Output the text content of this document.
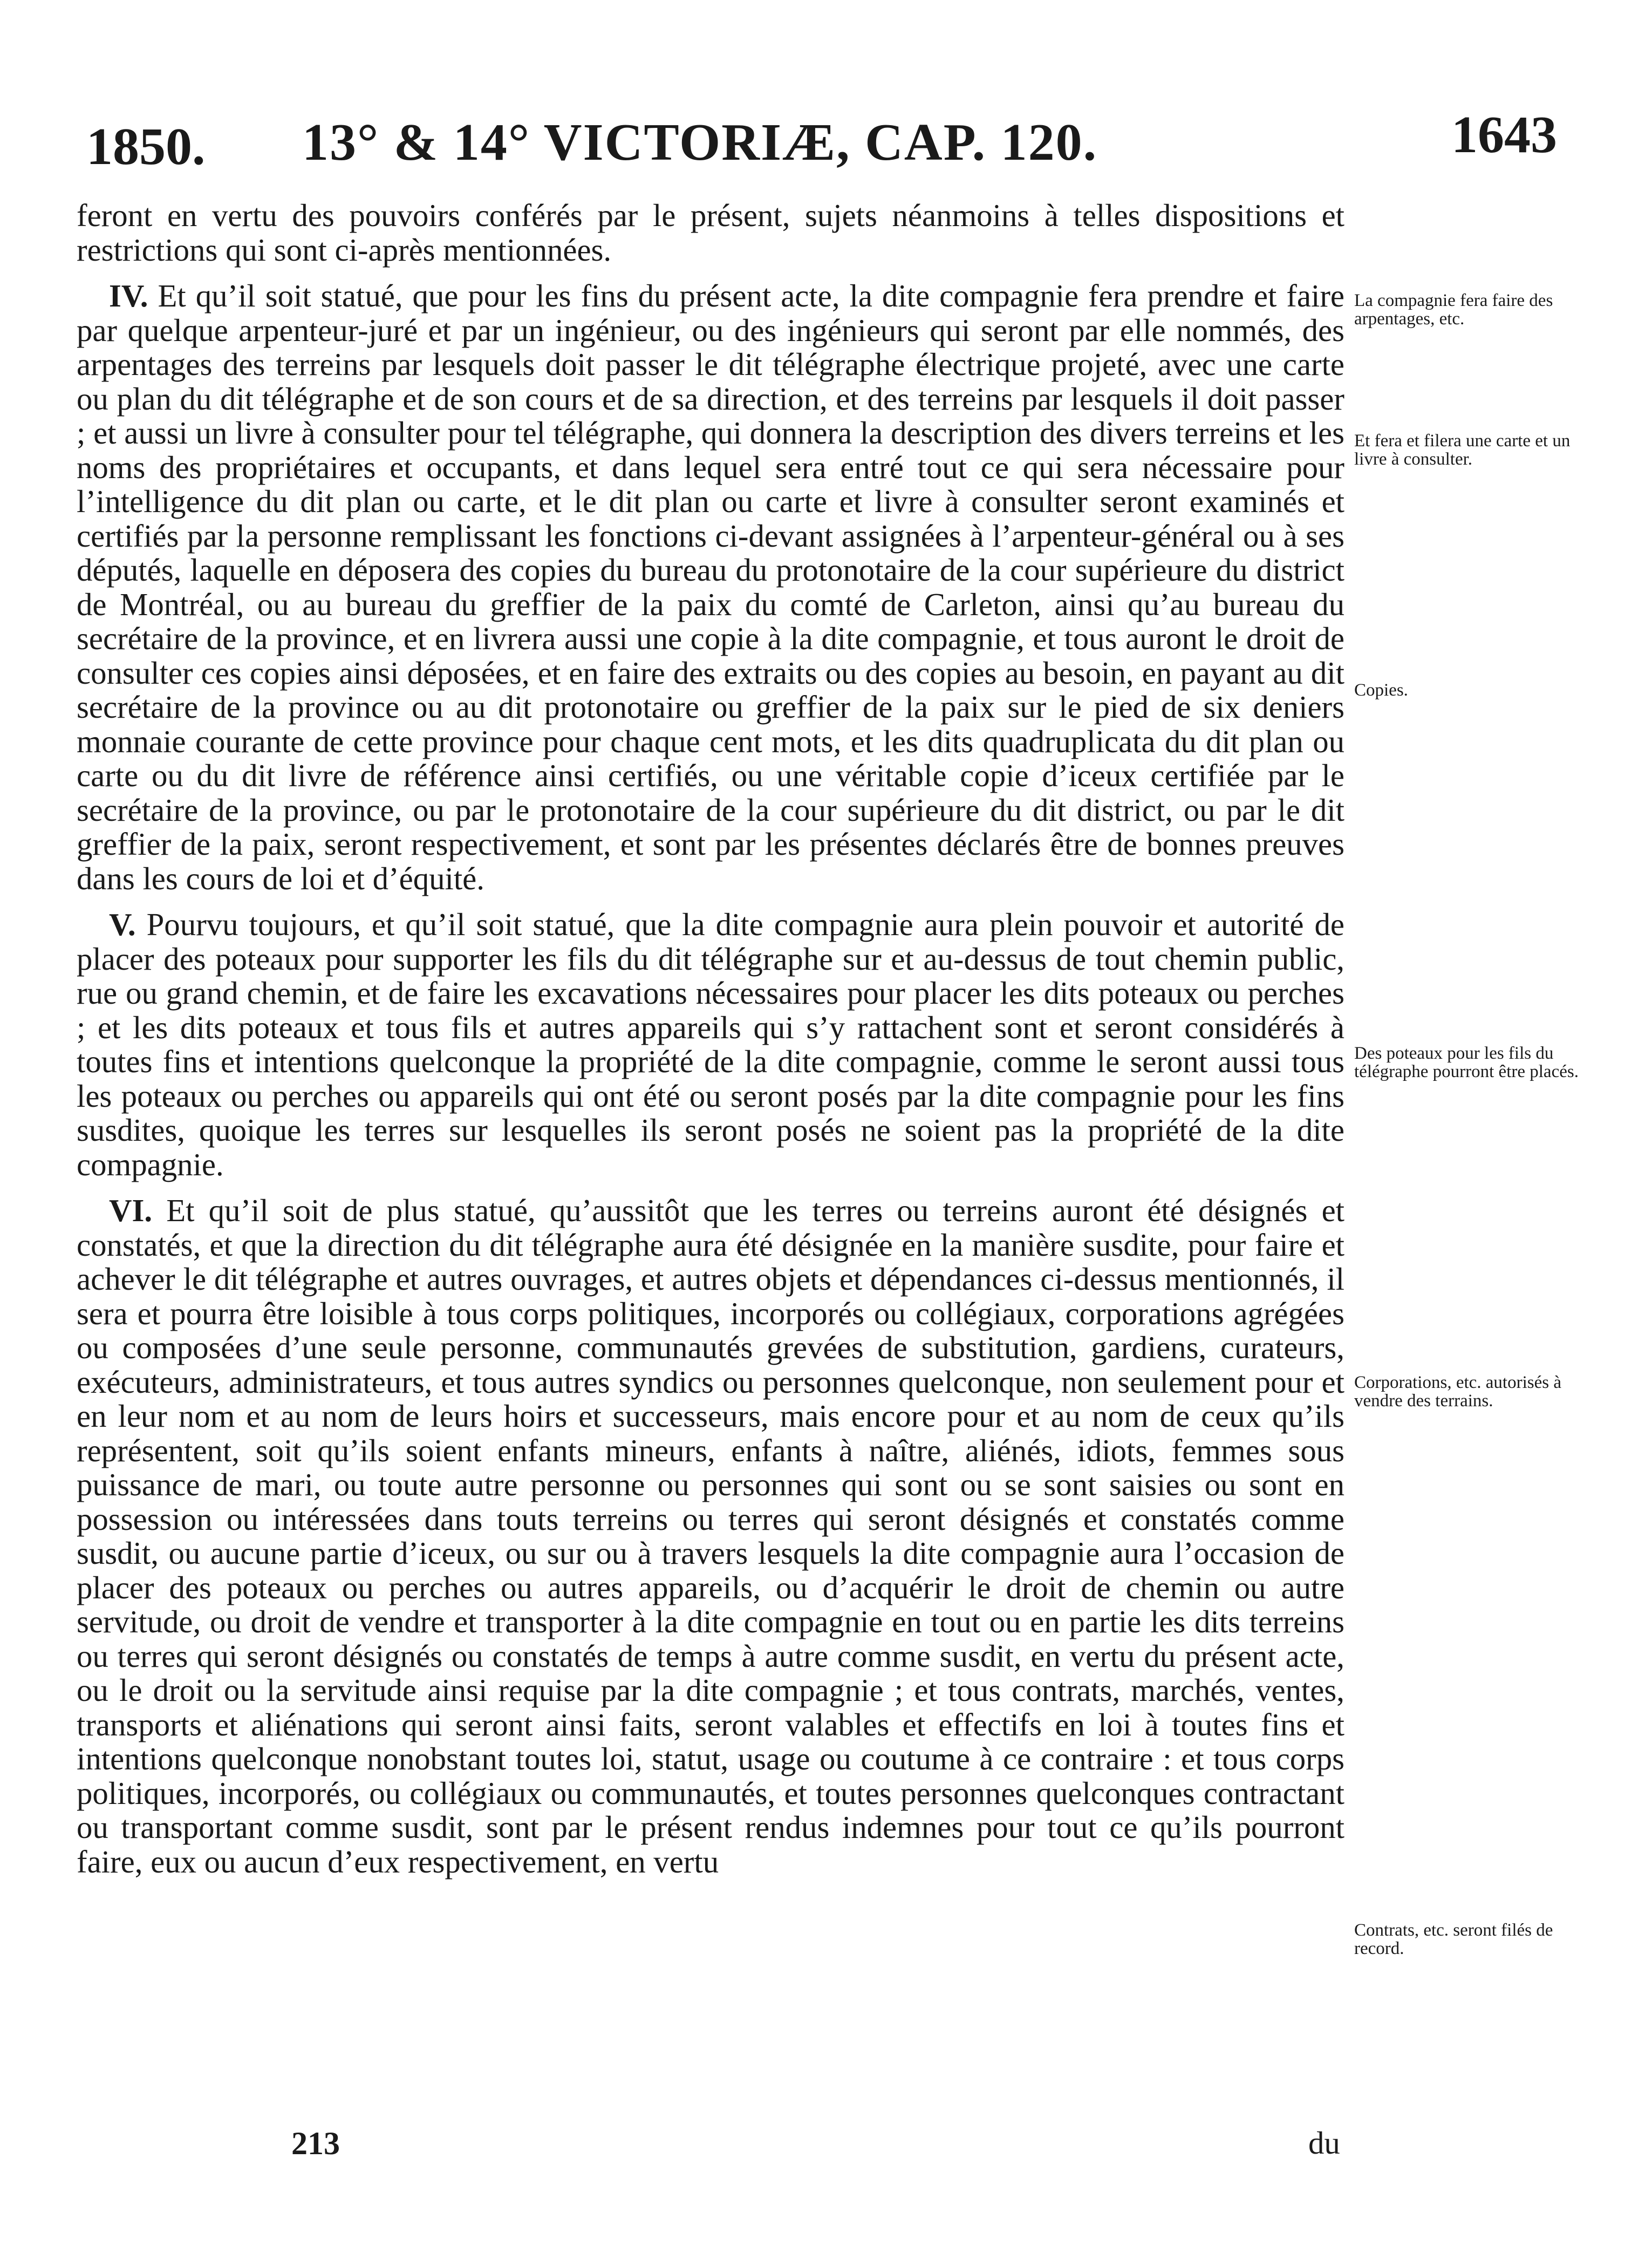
1850. 13° & 14° VICTORIÆ, CAP. 120.	1643

feront en vertu des pouvoirs conférés par le présent, sujets néanmoins à telles dispositions et restrictions qui sont ci-après mentionnées.

IV. Et qu’il soit statué, que pour les fins du présent acte, la dite compagnie fera prendre et faire par quelque arpenteur-juré et par un ingénieur, ou des ingénieurs qui seront par elle nommés, des arpentages des terreins par lesquels doit passer le dit télégraphe électrique projeté, avec une carte ou plan du dit télégraphe et de son cours et de sa direction, et des terreins par lesquels il doit passer ; et aussi un livre à consulter pour tel télégraphe, qui donnera la description des divers terreins et les noms des propriétaires et occupants, et dans lequel sera entré tout ce qui sera nécessaire pour l’intelligence du dit plan ou carte, et le dit plan ou carte et livre à consulter seront examinés et certifiés par la personne remplissant les fonctions ci-devant assignées à l’arpenteur-général ou à ses députés, laquelle en déposera des copies du bureau du protonotaire de la cour supérieure du district de Montréal, ou au bureau du greffier de la paix du comté de Carleton, ainsi qu’au bureau du secrétaire de la province, et en livrera aussi une copie à la dite compagnie, et tous auront le droit de consulter ces copies ainsi déposées, et en faire des extraits ou des copies au besoin, en payant au dit secrétaire de la province ou au dit protonotaire ou greffier de la paix sur le pied de six deniers monnaie courante de cette province pour chaque cent mots, et les dits quadruplicata du dit plan ou carte ou du dit livre de référence ainsi certifiés, ou une véritable copie d’iceux certifiée par le secrétaire de la province, ou par le protonotaire de la cour supérieure du dit district, ou par le dit greffier de la paix, seront respectivement, et sont par les présentes déclarés être de bonnes preuves dans les cours de loi et d’équité.

V. Pourvu toujours, et qu’il soit statué, que la dite compagnie aura plein pouvoir et autorité de placer des poteaux pour supporter les fils du dit télégraphe sur et au-dessus de tout chemin public, rue ou grand chemin, et de faire les excavations nécessaires pour placer les dits poteaux ou perches ; et les dits poteaux et tous fils et autres appareils qui s’y rattachent sont et seront considérés à toutes fins et intentions quelconque la propriété de la dite compagnie, comme le seront aussi tous les poteaux ou perches ou appareils qui ont été ou seront posés par la dite compagnie pour les fins susdites, quoique les terres sur lesquelles ils seront posés ne soient pas la propriété de la dite compagnie.

VI. Et qu’il soit de plus statué, qu’aussitôt que les terres ou terreins auront été désignés et constatés, et que la direction du dit télégraphe aura été désignée en la manière susdite, pour faire et achever le dit télégraphe et autres ouvrages, et autres objets et dépendances ci-dessus mentionnés, il sera et pourra être loisible à tous corps politiques, incorporés ou collégiaux, corporations agrégées ou composées d’une seule personne, communautés grevées de substitution, gardiens, curateurs, exécuteurs, administrateurs, et tous autres syndics ou personnes quelconque, non seulement pour et en leur nom et au nom de leurs hoirs et successeurs, mais encore pour et au nom de ceux qu’ils représentent, soit qu’ils soient enfants mineurs, enfants à naître, aliénés, idiots, femmes sous puissance de mari, ou toute autre personne ou personnes qui sont ou se sont saisies ou sont en possession ou intéressées dans touts terreins ou terres qui seront désignés et constatés comme susdit, ou aucune partie d’iceux, ou sur ou à travers lesquels la dite compagnie aura l’occasion de placer des poteaux ou perches ou autres appareils, ou d’acquérir le droit de chemin ou autre servitude, ou droit de vendre et transporter à la dite compagnie en tout ou en partie les dits terreins ou terres qui seront désignés ou constatés de temps à autre comme susdit, en vertu du présent acte, ou le droit ou la servitude ainsi requise par la dite compagnie ; et tous contrats, marchés, ventes, transports et aliénations qui seront ainsi faits, seront valables et effectifs en loi à toutes fins et intentions quelconque nonobstant toutes loi, statut, usage ou coutume à ce contraire : et tous corps politiques, incorporés, ou collégiaux ou communautés, et toutes personnes quelconques contractant ou transportant comme susdit, sont par le présent rendus indemnes pour tout ce qu’ils pourront faire, eux ou aucun d’eux respectivement, en vertu

La compagnie fera faire des arpentages, etc.

Et fera et filera une carte et un livre à consulter.

Copies.

Des poteaux pour les fils du télégraphe pourront être placés.

Corporations, etc. autorisés à vendre des terrains.

Contrats, etc. seront filés de record.

213	du
